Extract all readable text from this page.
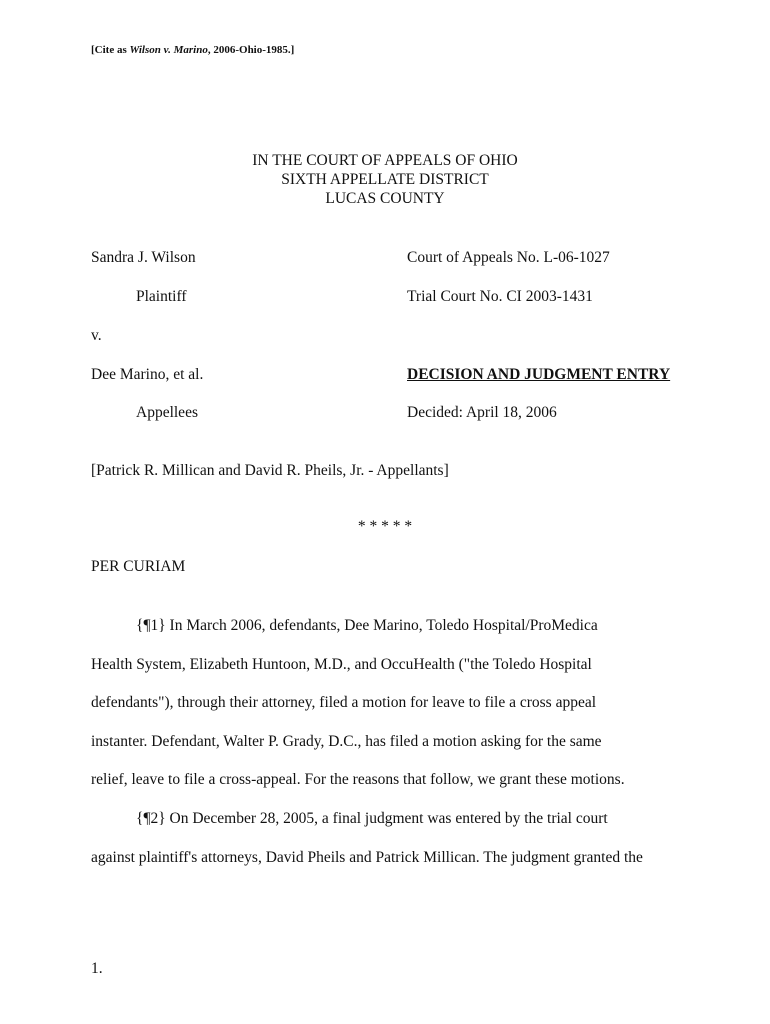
[Cite as Wilson v. Marino, 2006-Ohio-1985.]
IN THE COURT OF APPEALS OF OHIO
SIXTH APPELLATE DISTRICT
LUCAS COUNTY
Sandra J. Wilson	Court of Appeals No. L-06-1027
Plaintiff	Trial Court No. CI 2003-1431
v.
Dee Marino, et al.	DECISION AND JUDGMENT ENTRY
Appellees	Decided: April 18, 2006
[Patrick R. Millican and David R. Pheils, Jr. - Appellants]
* * * * *
PER CURIAM
{¶1} In March 2006, defendants, Dee Marino, Toledo Hospital/ProMedica
Health System, Elizabeth Huntoon, M.D., and OccuHealth ("the Toledo Hospital
defendants"), through their attorney, filed a motion for leave to file a cross appeal
instanter. Defendant, Walter P. Grady, D.C., has filed a motion asking for the same
relief, leave to file a cross-appeal. For the reasons that follow, we grant these motions.
{¶2} On December 28, 2005, a final judgment was entered by the trial court
against plaintiff's attorneys, David Pheils and Patrick Millican. The judgment granted the
1.
